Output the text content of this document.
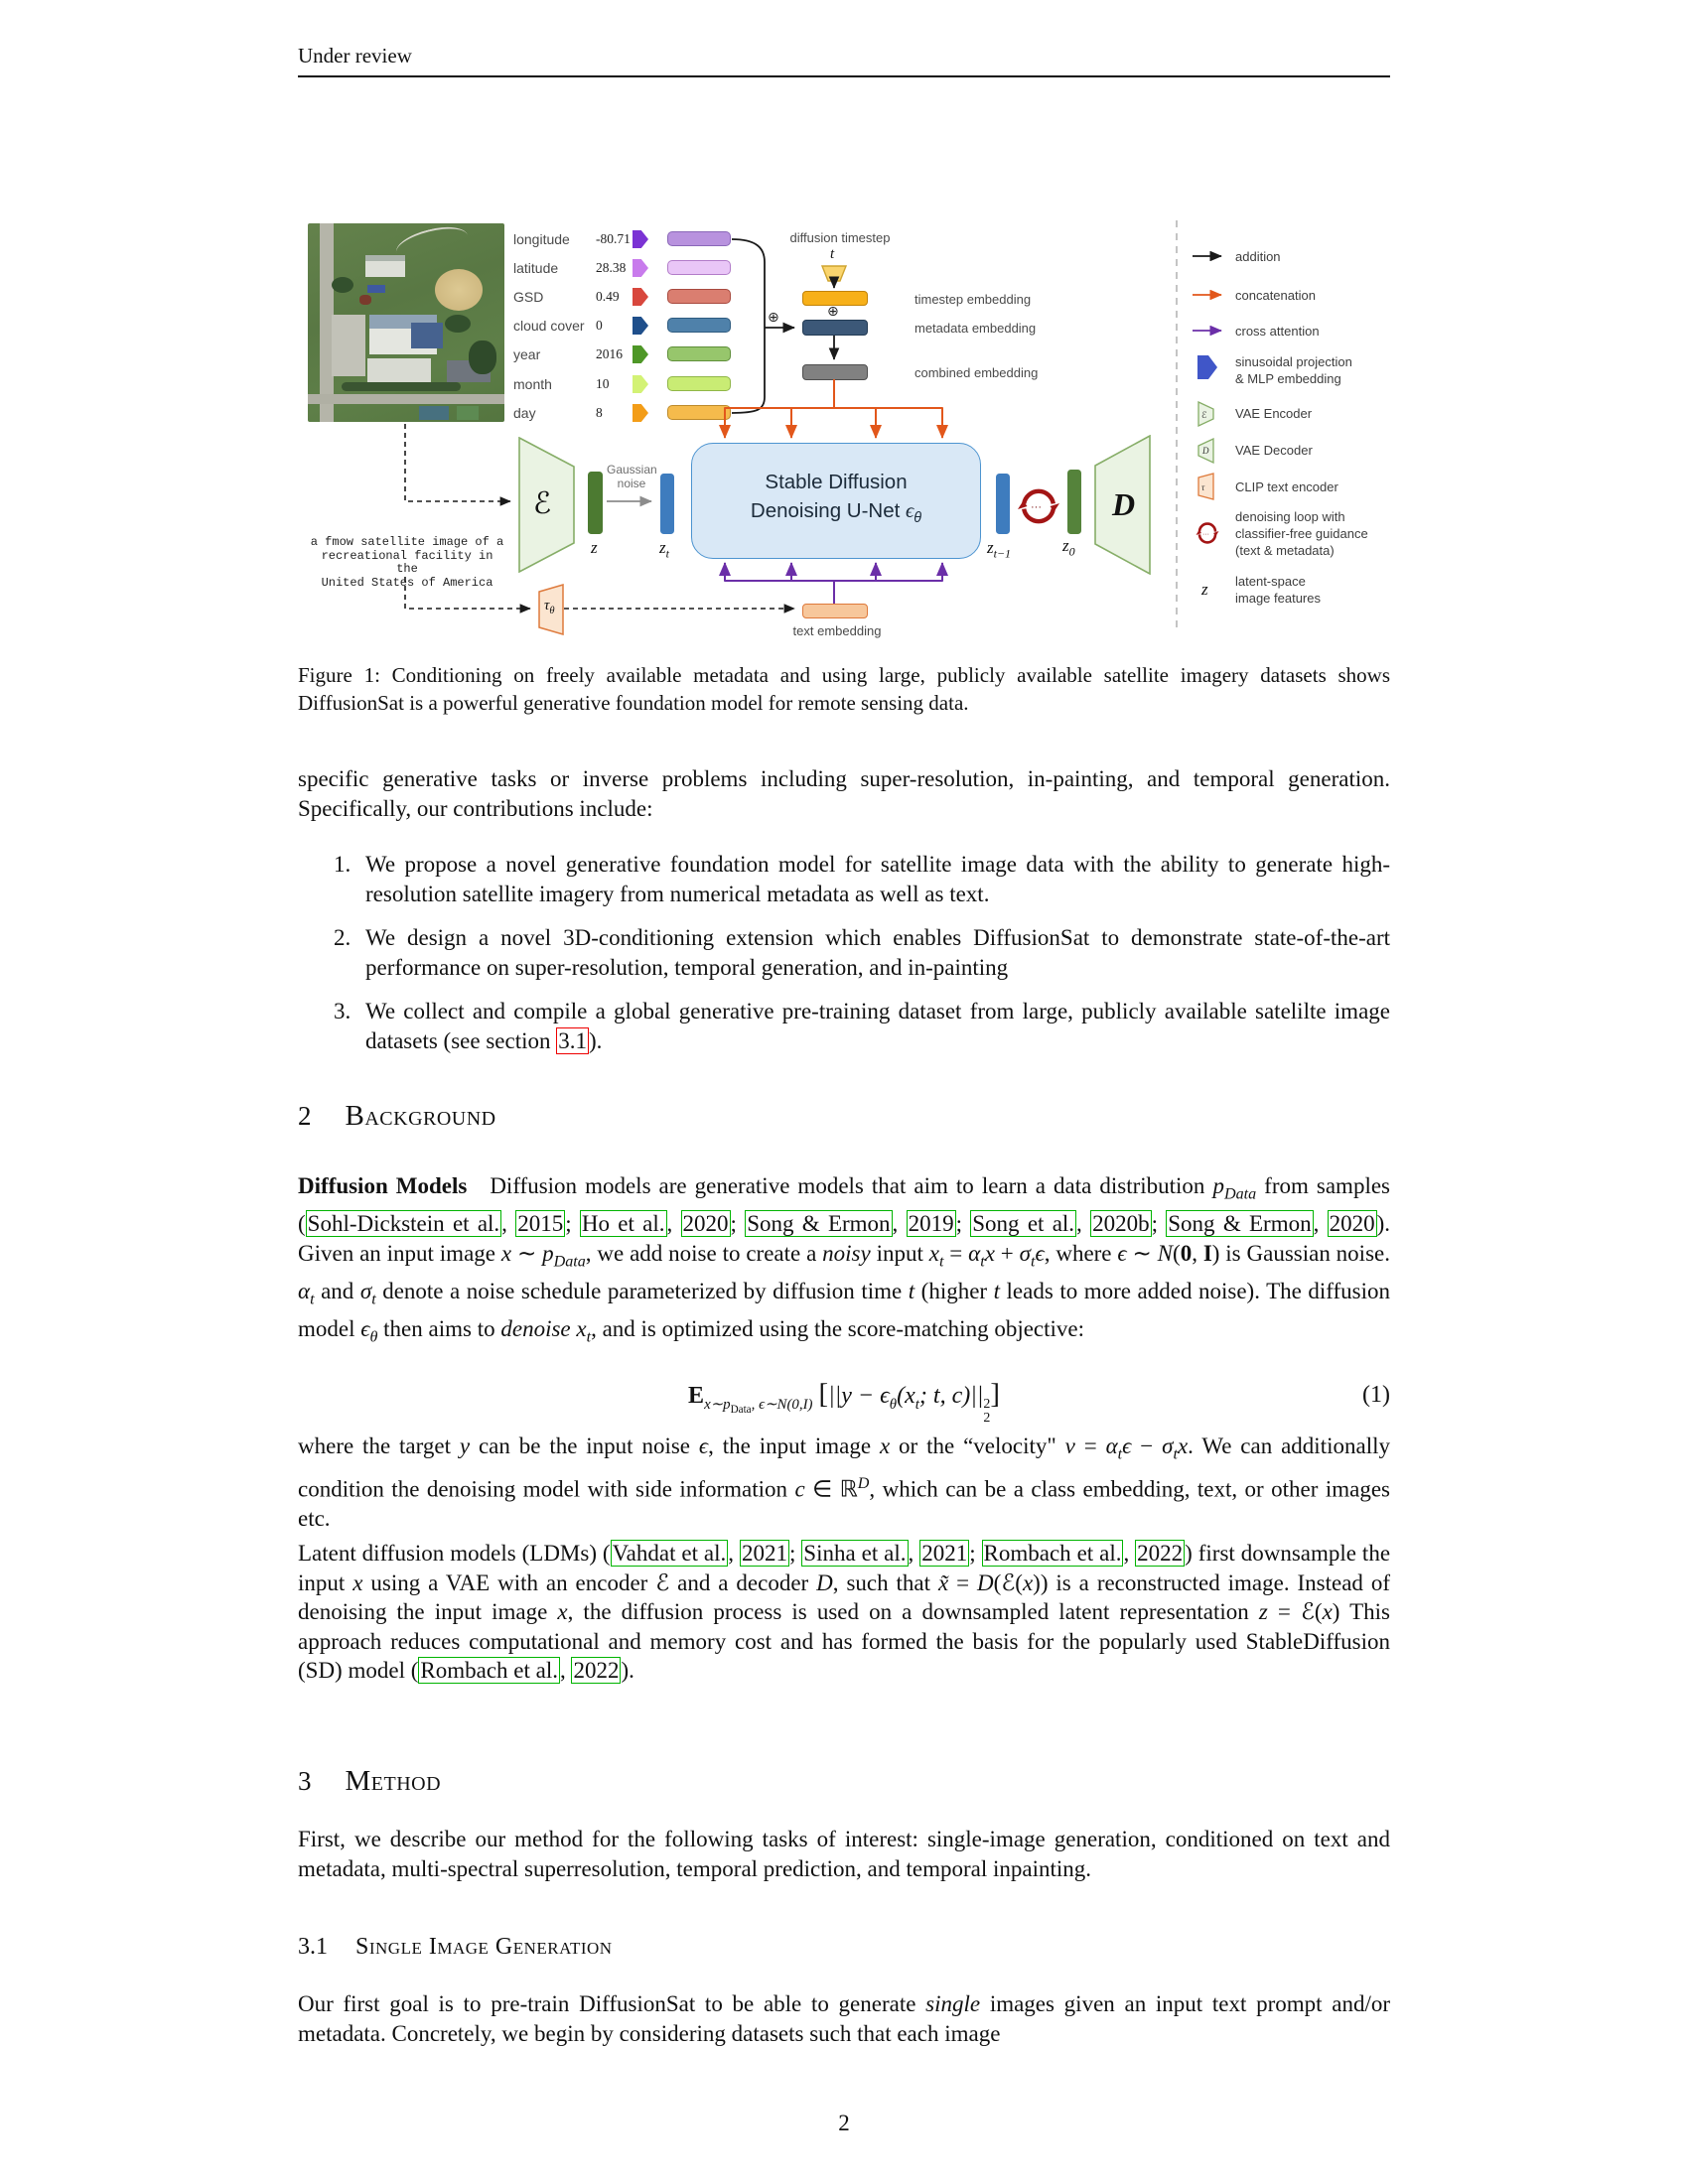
Under review
longitude -80.71
latitude	28.38
GSD	0.49
cloud cover 0
year	2016
month	10
day	8
diffusion timestep
t
⊕
⊕
timestep embedding
metadata embedding
combined embedding
text embedding
Stable Diffusion
Denoising U-Net $\epsilon_\theta$
ℰ	D
$\tau_\theta$
z	$z_t$	$z_{t-1}$	$z_0$
Gaussian
noise
···
a fmow satellite image of a
recreational facility in the
United States of America
addition
concatenation
cross attention
sinusoidal projection
& MLP embedding
ℰ VAE Encoder
D VAE Decoder
τ CLIP text encoder
···
denoising loop with
classifier-free guidance
(text & metadata)
z latent-space
image features
Figure 1: Conditioning on freely available metadata and using large, publicly available satellite imagery datasets shows DiffusionSat is a powerful generative foundation model for remote sensing data.
specific generative tasks or inverse problems including super-resolution, in-painting, and temporal generation. Specifically, our contributions include:
1. We propose a novel generative foundation model for satellite image data with the ability to generate high-resolution satellite imagery from numerical metadata as well as text.
2. We design a novel 3D-conditioning extension which enables DiffusionSat to demonstrate state-of-the-art performance on super-resolution, temporal generation, and in-painting
3. We collect and compile a global generative pre-training dataset from large, publicly available satelilte image datasets (see section 3.1).
2 Background
Diffusion Models  Diffusion models are generative models that aim to learn a data distribution $p_{Data}$ from samples (Sohl-Dickstein et al., 2015; Ho et al., 2020; Song & Ermon, 2019; Song et al., 2020b; Song & Ermon, 2020). Given an input image x ∼ $p_{Data}$, we add noise to create a noisy input $x_t = \alpha_tx + \sigma_t\epsilon$, where ϵ ∼ N(0, I) is Gaussian noise. $\alpha_t$ and $\sigma_t$ denote a noise schedule parameterized by diffusion time t (higher t leads to more added noise). The diffusion model $\epsilon_\theta$ then aims to denoise $x_t$, and is optimized using the score-matching objective:
$E_{x\sim p_{Data}, \epsilon\sim N(0,I)}$ [$||y - \epsilon_\theta(x_t$; t, c)|| 2
2
]	(1)
where the target y can be the input noise ϵ, the input image x or the “velocity" $v = \alpha_t\epsilon - \sigma_tx$. We can additionally condition the denoising model with side information c ∈ ℝ$^D$, which can be a class embedding, text, or other images etc.
Latent diffusion models (LDMs) (Vahdat et al., 2021; Sinha et al., 2021; Rombach et al., 2022) first downsample the input x using a VAE with an encoder ℰ and a decoder D, such that x̃ = D(ℰ(x)) is a reconstructed image. Instead of denoising the input image x, the diffusion process is used on a downsampled latent representation z = ℰ(x) This approach reduces computational and memory cost and has formed the basis for the popularly used StableDiffusion (SD) model (Rombach et al., 2022).
3 Method
First, we describe our method for the following tasks of interest: single-image generation, conditioned on text and metadata, multi-spectral superresolution, temporal prediction, and temporal inpainting.
3.1 Single Image Generation
Our first goal is to pre-train DiffusionSat to be able to generate single images given an input text prompt and/or metadata. Concretely, we begin by considering datasets such that each image
2
